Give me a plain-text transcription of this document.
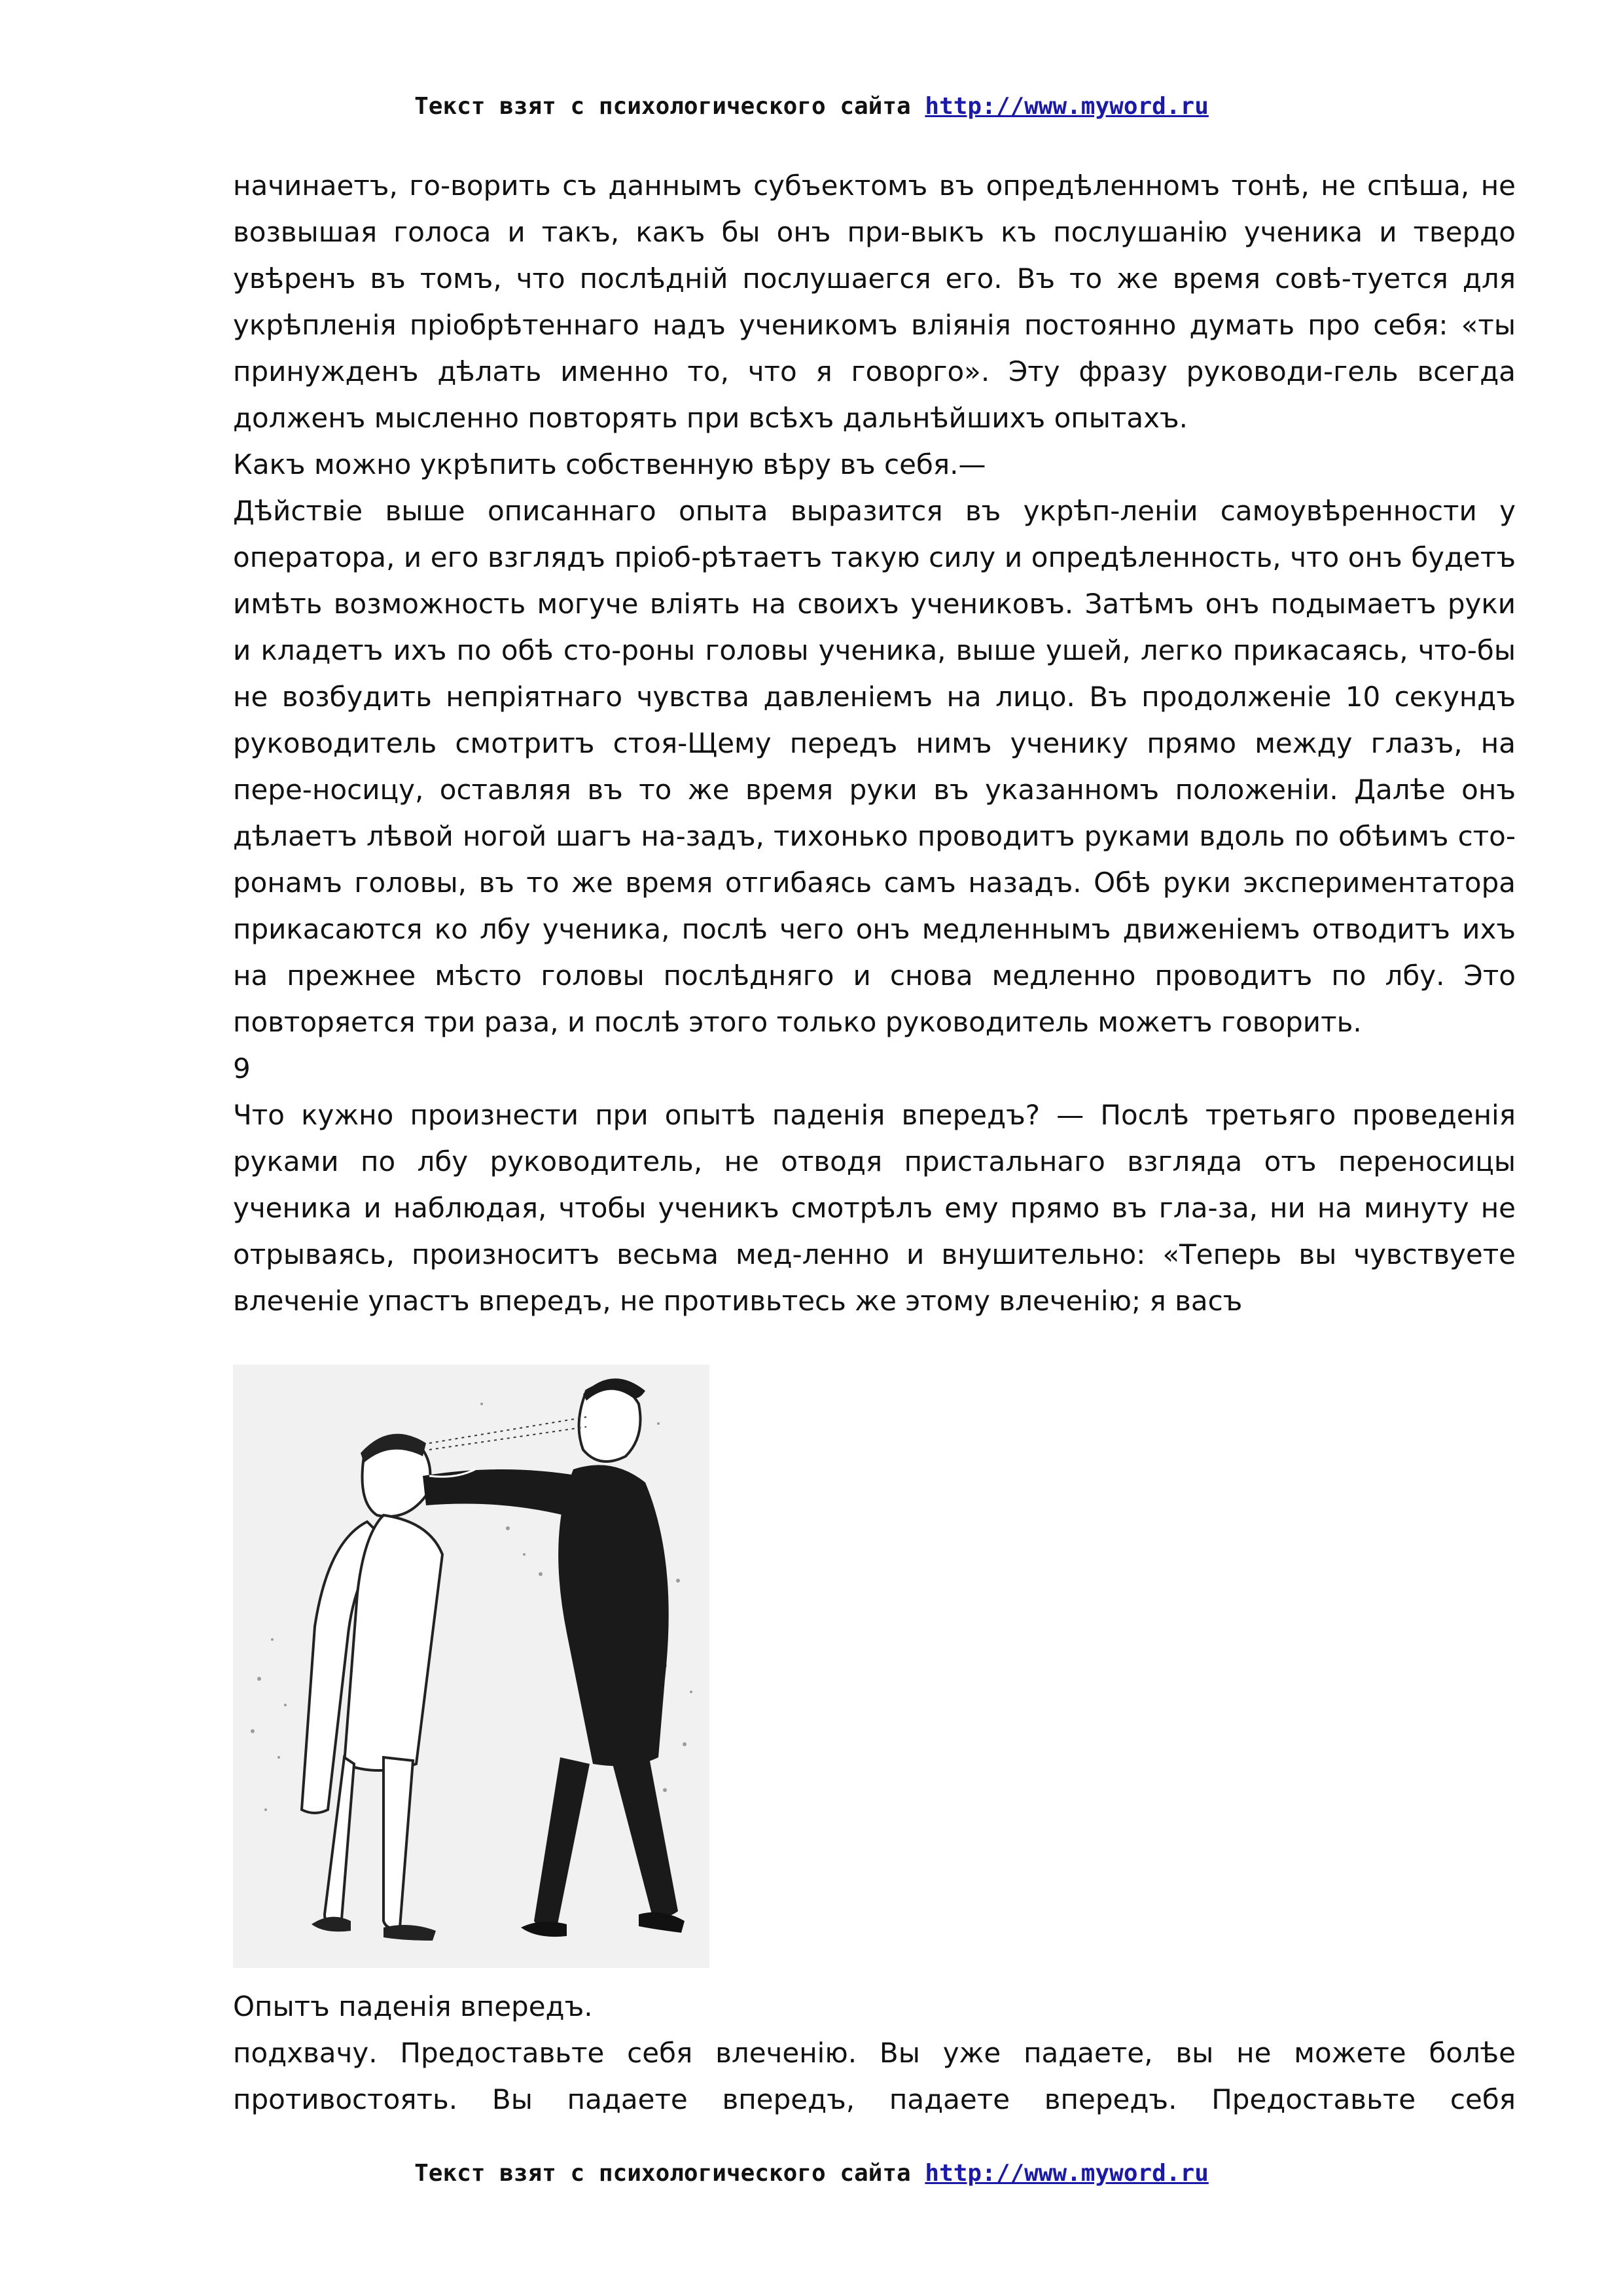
Текст взят с психологического сайта http://www.myword.ru

начинаетъ, го-ворить съ даннымъ субъектомъ въ опредѣленномъ тонѣ, не спѣша, не возвышая голоса и такъ, какъ бы онъ при-выкъ къ послушанію ученика и твердо увѣренъ въ томъ, что послѣдній послушаегся его. Въ то же время совѣ-туется для укрѣпленія пріобрѣтеннаго надъ ученикомъ вліянія постоянно думать про себя: «ты принужденъ дѣлать именно то, что я говорго». Эту фразу руководи-гель всегда долженъ мысленно повторять при всѣхъ дальнѣйшихъ опытахъ.

Какъ можно укрѣпить собственную вѣру въ себя.—

Дѣйствіе выше описаннаго опыта выразится въ укрѣп-леніи самоувѣренности у оператора, и его взглядъ пріоб-рѣтаетъ такую силу и опредѣленность, что онъ будетъ имѣть возможность могуче влiять на своихъ учениковъ. Затѣмъ онъ подымаетъ руки и кладетъ ихъ по обѣ сто-роны головы ученика, выше ушей, легко прикасаясь, что-бы не возбудить непріятнаго чувства давленіемъ на лицо. Въ продолженіе 10 секундъ руководитель смотритъ стоя-Щему передъ нимъ ученику прямо между глазъ, на пере-носицу, оставляя въ то же время руки въ указанномъ положеніи. Далѣе онъ дѣлаетъ лѣвой ногой шагъ на-задъ, тихонько проводитъ руками вдоль по обѣимъ сто-ронамъ головы, въ то же время отгибаясь самъ назадъ. Обѣ руки экспериментатора прикасаются ко лбу ученика, послѣ чего онъ медленнымъ движеніемъ отводитъ ихъ на прежнее мѣсто головы послѣдняго и снова медленно проводитъ по лбу. Это повторяется три раза, и послѣ этого только руководитель можетъ говорить.

9

Что кужно произнести при опытѣ паденія впередъ? — Послѣ третьяго проведенія руками по лбу руководитель, не отводя пристальнаго взгляда отъ переносицы ученика и наблюдая, чтобы ученикъ смотрѣлъ ему прямо въ гла-за, ни на минуту не отрываясь, произноситъ весьма мед-ленно и внушительно: «Теперь вы чувствуете влеченіе упастъ впередъ, не противьтесь же этому влеченію; я васъ

Опытъ паденія впередъ.

подхвачу. Предоставьте себя влеченію. Вы уже падаете, вы не можете болѣе противостоять. Вы падаете впередъ, падаете впередъ. Предоставьте себя

Текст взят с психологического сайта http://www.myword.ru
